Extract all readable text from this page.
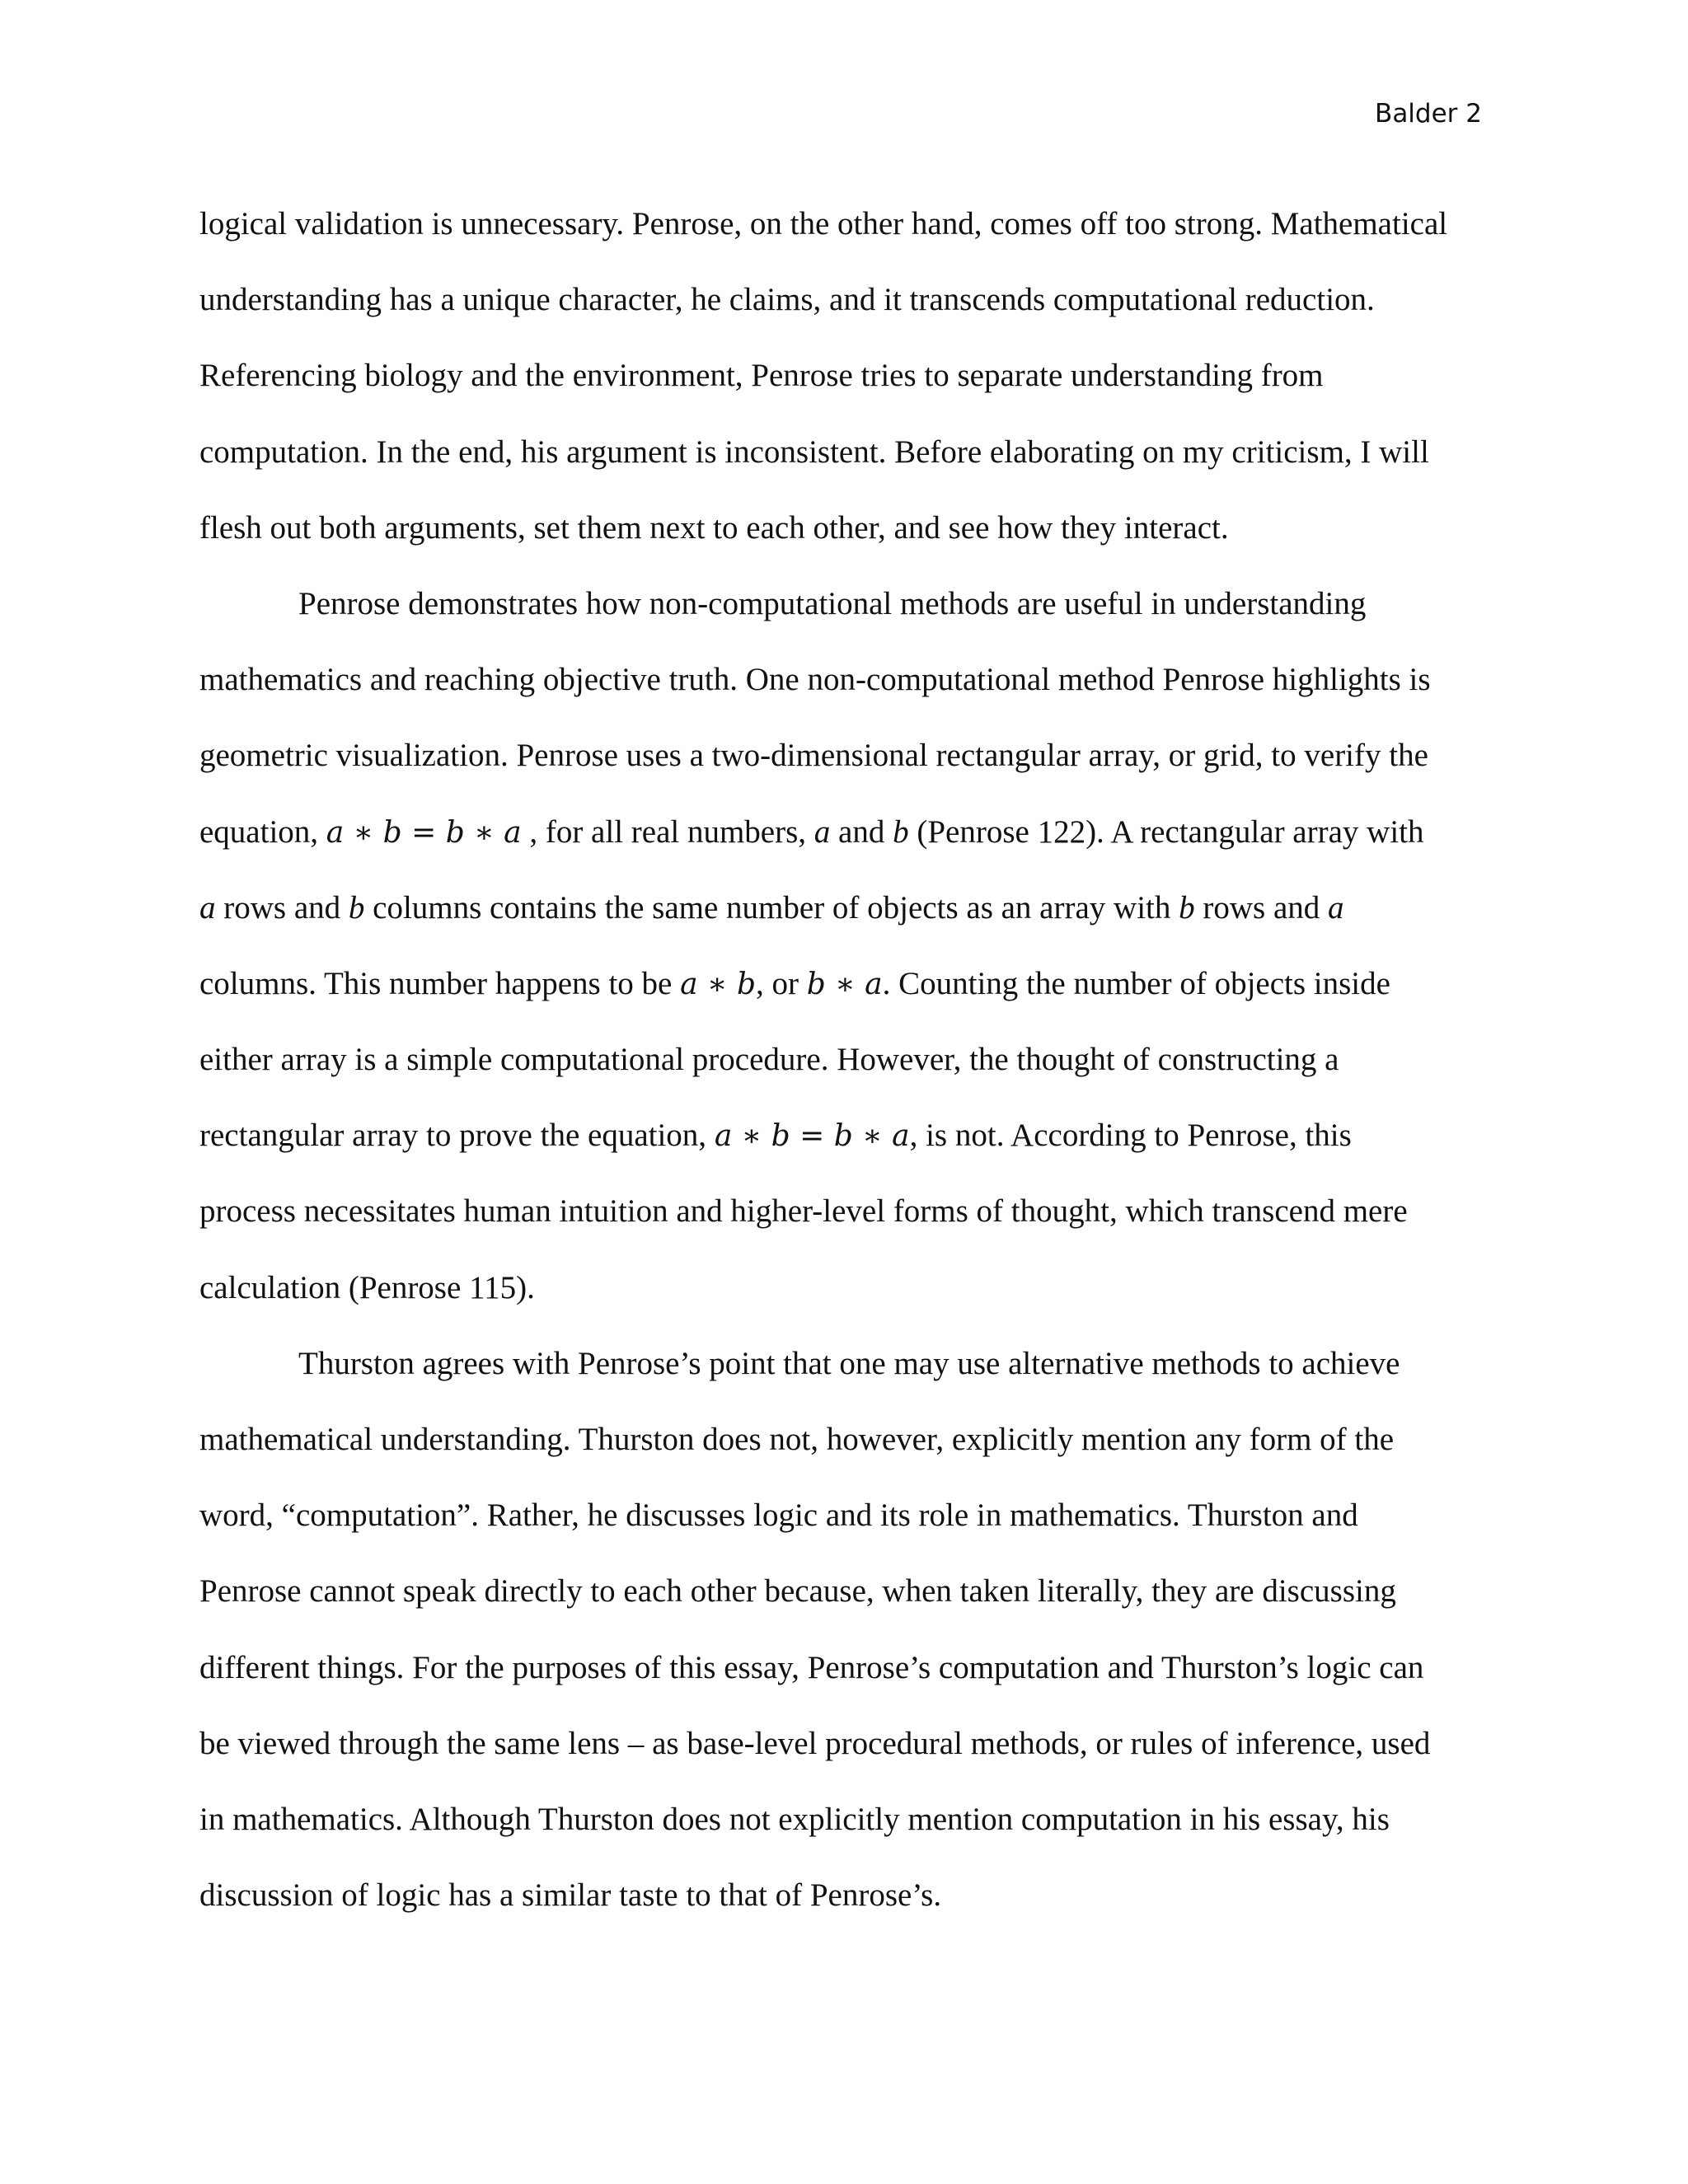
Balder 2
logical validation is unnecessary. Penrose, on the other hand, comes off too strong. Mathematical
understanding has a unique character, he claims, and it transcends computational reduction.
Referencing biology and the environment, Penrose tries to separate understanding from
computation. In the end, his argument is inconsistent. Before elaborating on my criticism, I will
flesh out both arguments, set them next to each other, and see how they interact.
Penrose demonstrates how non-computational methods are useful in understanding
mathematics and reaching objective truth. One non-computational method Penrose highlights is
geometric visualization. Penrose uses a two-dimensional rectangular array, or grid, to verify the
equation, a ∗ b = b ∗ a , for all real numbers, a and b (Penrose 122). A rectangular array with
a rows and b columns contains the same number of objects as an array with b rows and a
columns. This number happens to be a ∗ b, or b ∗ a. Counting the number of objects inside
either array is a simple computational procedure. However, the thought of constructing a
rectangular array to prove the equation, a ∗ b = b ∗ a, is not. According to Penrose, this
process necessitates human intuition and higher-level forms of thought, which transcend mere
calculation (Penrose 115).
Thurston agrees with Penrose’s point that one may use alternative methods to achieve
mathematical understanding. Thurston does not, however, explicitly mention any form of the
word, “computation”. Rather, he discusses logic and its role in mathematics. Thurston and
Penrose cannot speak directly to each other because, when taken literally, they are discussing
different things. For the purposes of this essay, Penrose’s computation and Thurston’s logic can
be viewed through the same lens – as base-level procedural methods, or rules of inference, used
in mathematics. Although Thurston does not explicitly mention computation in his essay, his
discussion of logic has a similar taste to that of Penrose’s.
